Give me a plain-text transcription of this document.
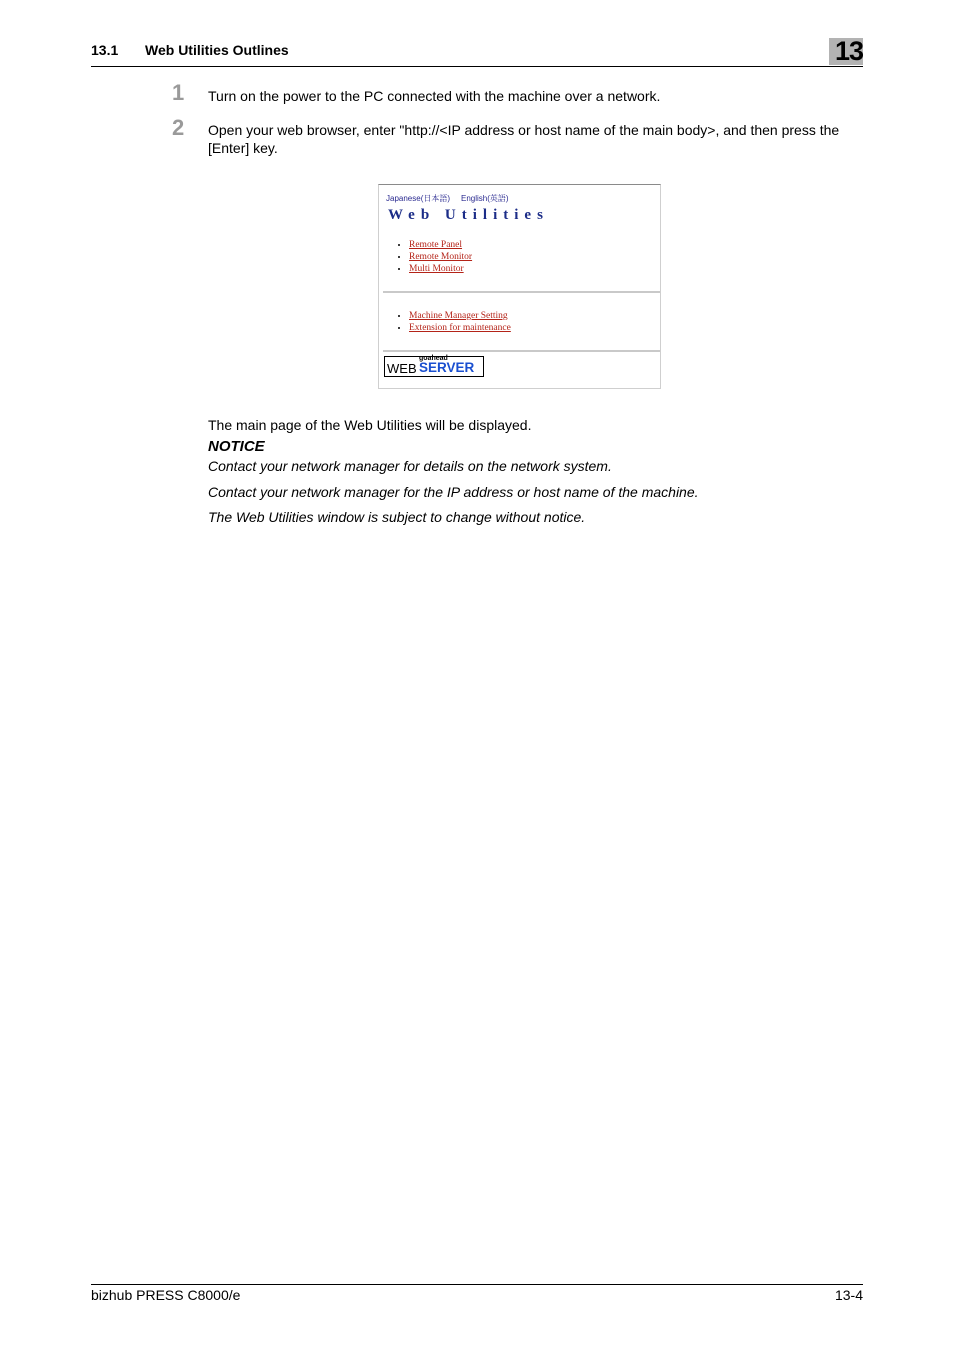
13.1 Web Utilities Outlines	13
1 Turn on the power to the PC connected with the machine over a network.
2 Open your web browser, enter "http://<IP address or host name of the main body>, and then press the [Enter] key.
Japanese(日本語) English(英語)
Web Utilities
• Remote Panel
• Remote Monitor
• Multi Monitor
• Machine Manager Setting
• Extension for maintenance
goahead
WEB SERVER
The main page of the Web Utilities will be displayed.
NOTICE
Contact your network manager for details on the network system.
Contact your network manager for the IP address or host name of the machine.
The Web Utilities window is subject to change without notice.
bizhub PRESS C8000/e	13-4
